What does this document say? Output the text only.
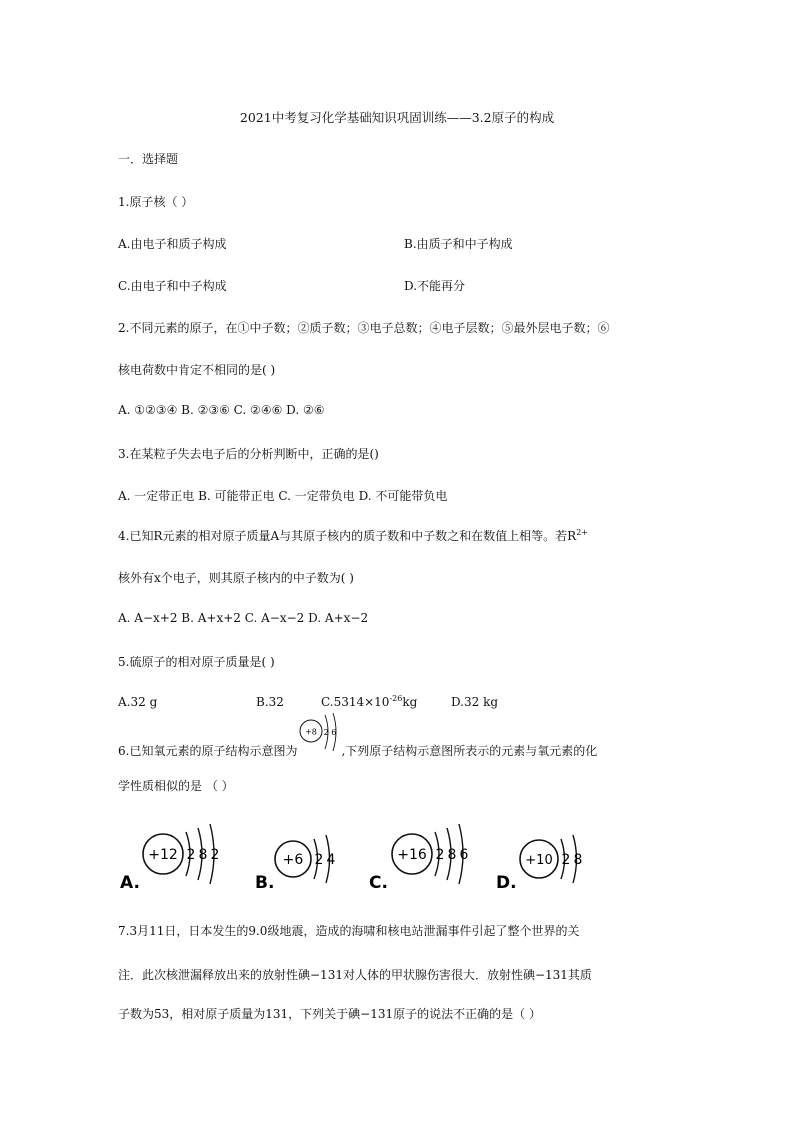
2021中考复习化学基础知识巩固训练——3.2原子的构成
一．选择题
1.原子核（ ）
A.由电子和质子构成	B.由质子和中子构成
C.由电子和中子构成	D.不能再分
2.不同元素的原子，在①中子数；②质子数；③电子总数；④电子层数；⑤最外层电子数；⑥
核电荷数中肯定不相同的是( )
A. ①②③④ B. ②③⑥ C. ②④⑥ D. ②⑥
3.在某粒子失去电子后的分析判断中，正确的是()
A. 一定带正电 B. 可能带正电 C. 一定带负电 D. 不可能带负电
4.已知R元素的相对原子质量A与其原子核内的质子数和中子数之和在数值上相等。若$R^{2+}$
核外有x个电子，则其原子核内的中子数为( )
A. A−x+2 B. A+x+2 C. A−x−2 D. A+x−2
5.硫原子的相对原子质量是( )
A.32 g	B.32	$C.5314\times 10^{-26}kg$	D.32 kg
6.已知氧元素的原子结构示意图为
+8 2 6
,下列原子结构示意图所表示的元素与氧元素的化
学性质相似的是 （ ）
A.
+12 2 8 2
B.
+6 2 4
C.
+16 2 8 6
D.
+10 2 8
7.3月11日，日本发生的9.0级地震，造成的海啸和核电站泄漏事件引起了整个世界的关
注．此次核泄漏释放出来的放射性碘−131对人体的甲状腺伤害很大．放射性碘−131其质
子数为53，相对原子质量为131，下列关于碘−131原子的说法不正确的是（ ）
